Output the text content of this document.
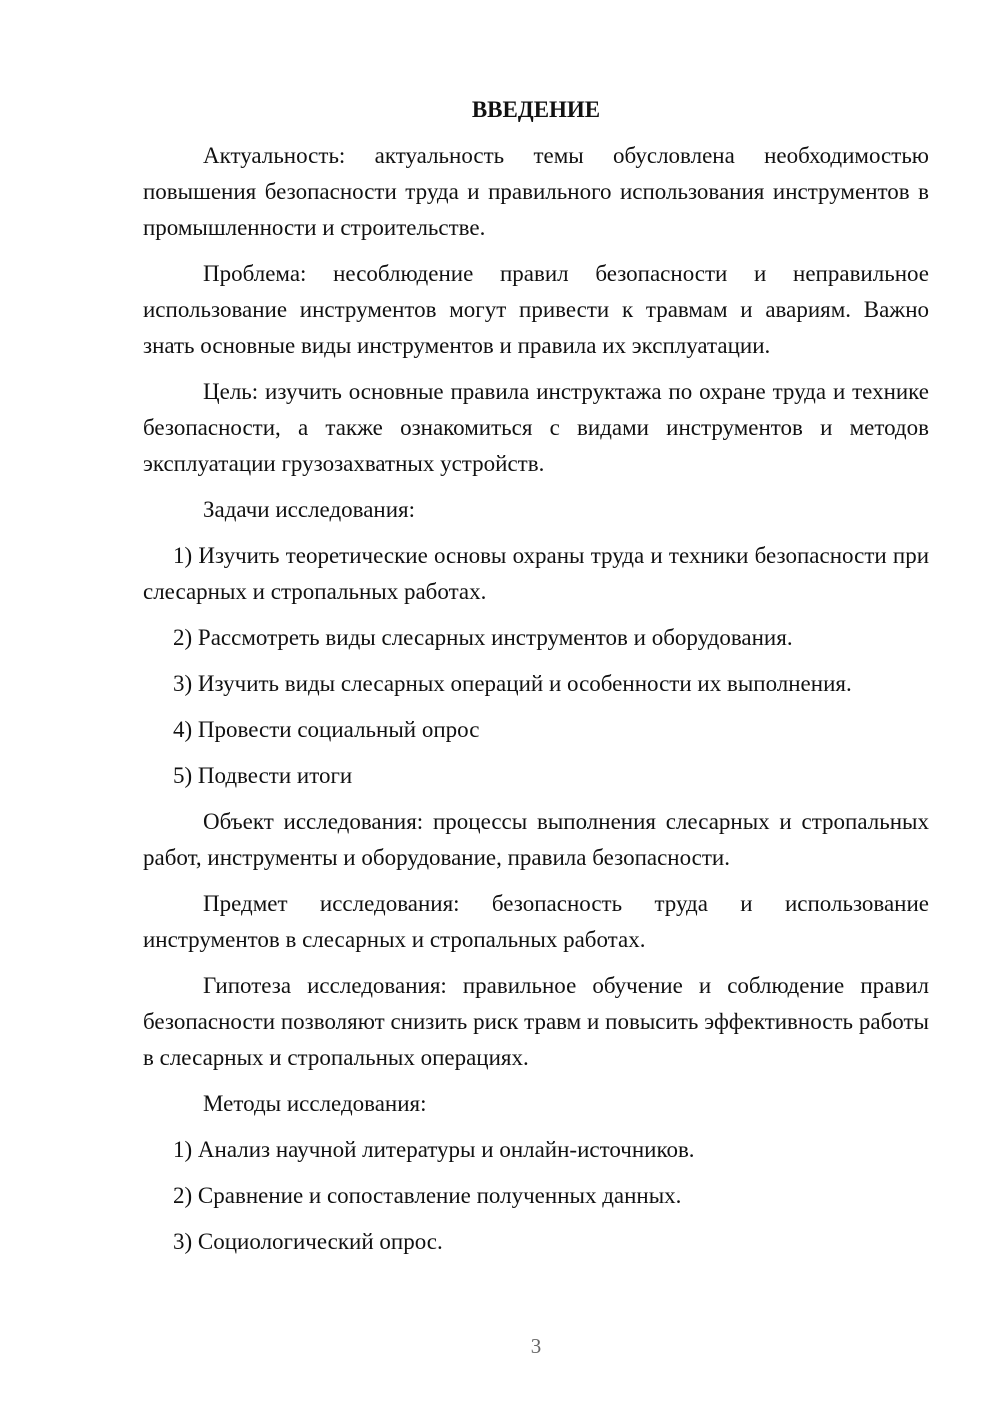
ВВЕДЕНИЕ

Актуальность: актуальность темы обусловлена необходимостью повышения безопасности труда и правильного использования инструментов в промышленности и строительстве.

Проблема: несоблюдение правил безопасности и неправильное использование инструментов могут привести к травмам и авариям. Важно знать основные виды инструментов и правила их эксплуатации.

Цель: изучить основные правила инструктажа по охране труда и технике безопасности, а также ознакомиться с видами инструментов и методов эксплуатации грузозахватных устройств.

Задачи исследования:

1) Изучить теоретические основы охраны труда и техники безопасности при слесарных и стропальных работах.

2) Рассмотреть виды слесарных инструментов и оборудования.

3) Изучить виды слесарных операций и особенности их выполнения.

4) Провести социальный опрос

5) Подвести итоги

Объект исследования: процессы выполнения слесарных и стропальных работ, инструменты и оборудование, правила безопасности.

Предмет исследования: безопасность труда и использование инструментов в слесарных и стропальных работах.

Гипотеза исследования: правильное обучение и соблюдение правил безопасности позволяют снизить риск травм и повысить эффективность работы в слесарных и стропальных операциях.

Методы исследования:

1) Анализ научной литературы и онлайн-источников.

2) Сравнение и сопоставление полученных данных.

3) Социологический опрос.

3
